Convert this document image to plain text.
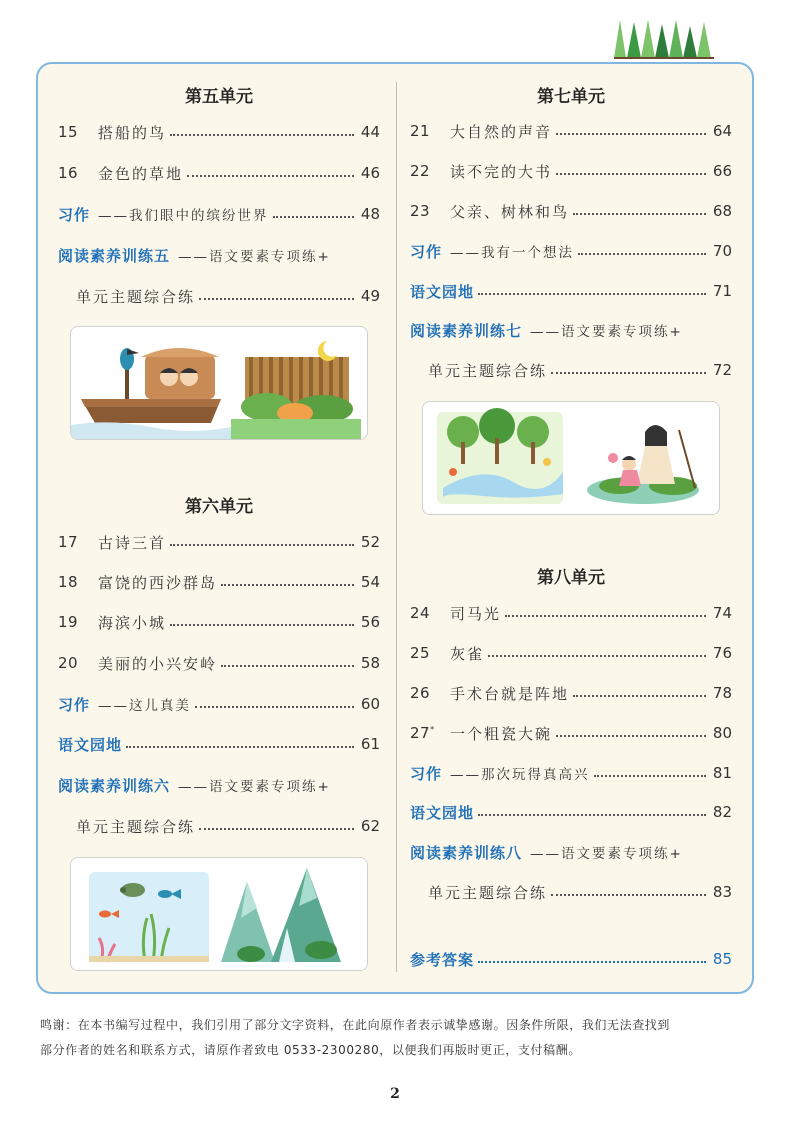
第五单元
15	搭船的鸟	44
16	金色的草地	46
习作 ——我们眼中的缤纷世界	48
阅读素养训练五 ——语文要素专项练+
单元主题综合练	49
第六单元
17	古诗三首	52
18	富饶的西沙群岛	54
19	海滨小城	56
20	美丽的小兴安岭	58
习作 ——这儿真美	60
语文园地	61
阅读素养训练六 ——语文要素专项练+
单元主题综合练	62
第七单元
21	大自然的声音	64
22	读不完的大书	66
23	父亲、树林和鸟	68
习作 ——我有一个想法	70
语文园地	71
阅读素养训练七 ——语文要素专项练+
单元主题综合练	72
第八单元
24	司马光	74
25	灰雀	76
26	手术台就是阵地	78
27*	一个粗瓷大碗	80
习作 ——那次玩得真高兴	81
语文园地	82
阅读素养训练八 ——语文要素专项练+
单元主题综合练	83
参考答案	85
鸣谢：在本书编写过程中，我们引用了部分文字资料，在此向原作者表示诚挚感谢。因条件所限，我们无法查找到
部分作者的姓名和联系方式，请原作者致电 0533-2300280，以便我们再版时更正，支付稿酬。
2
